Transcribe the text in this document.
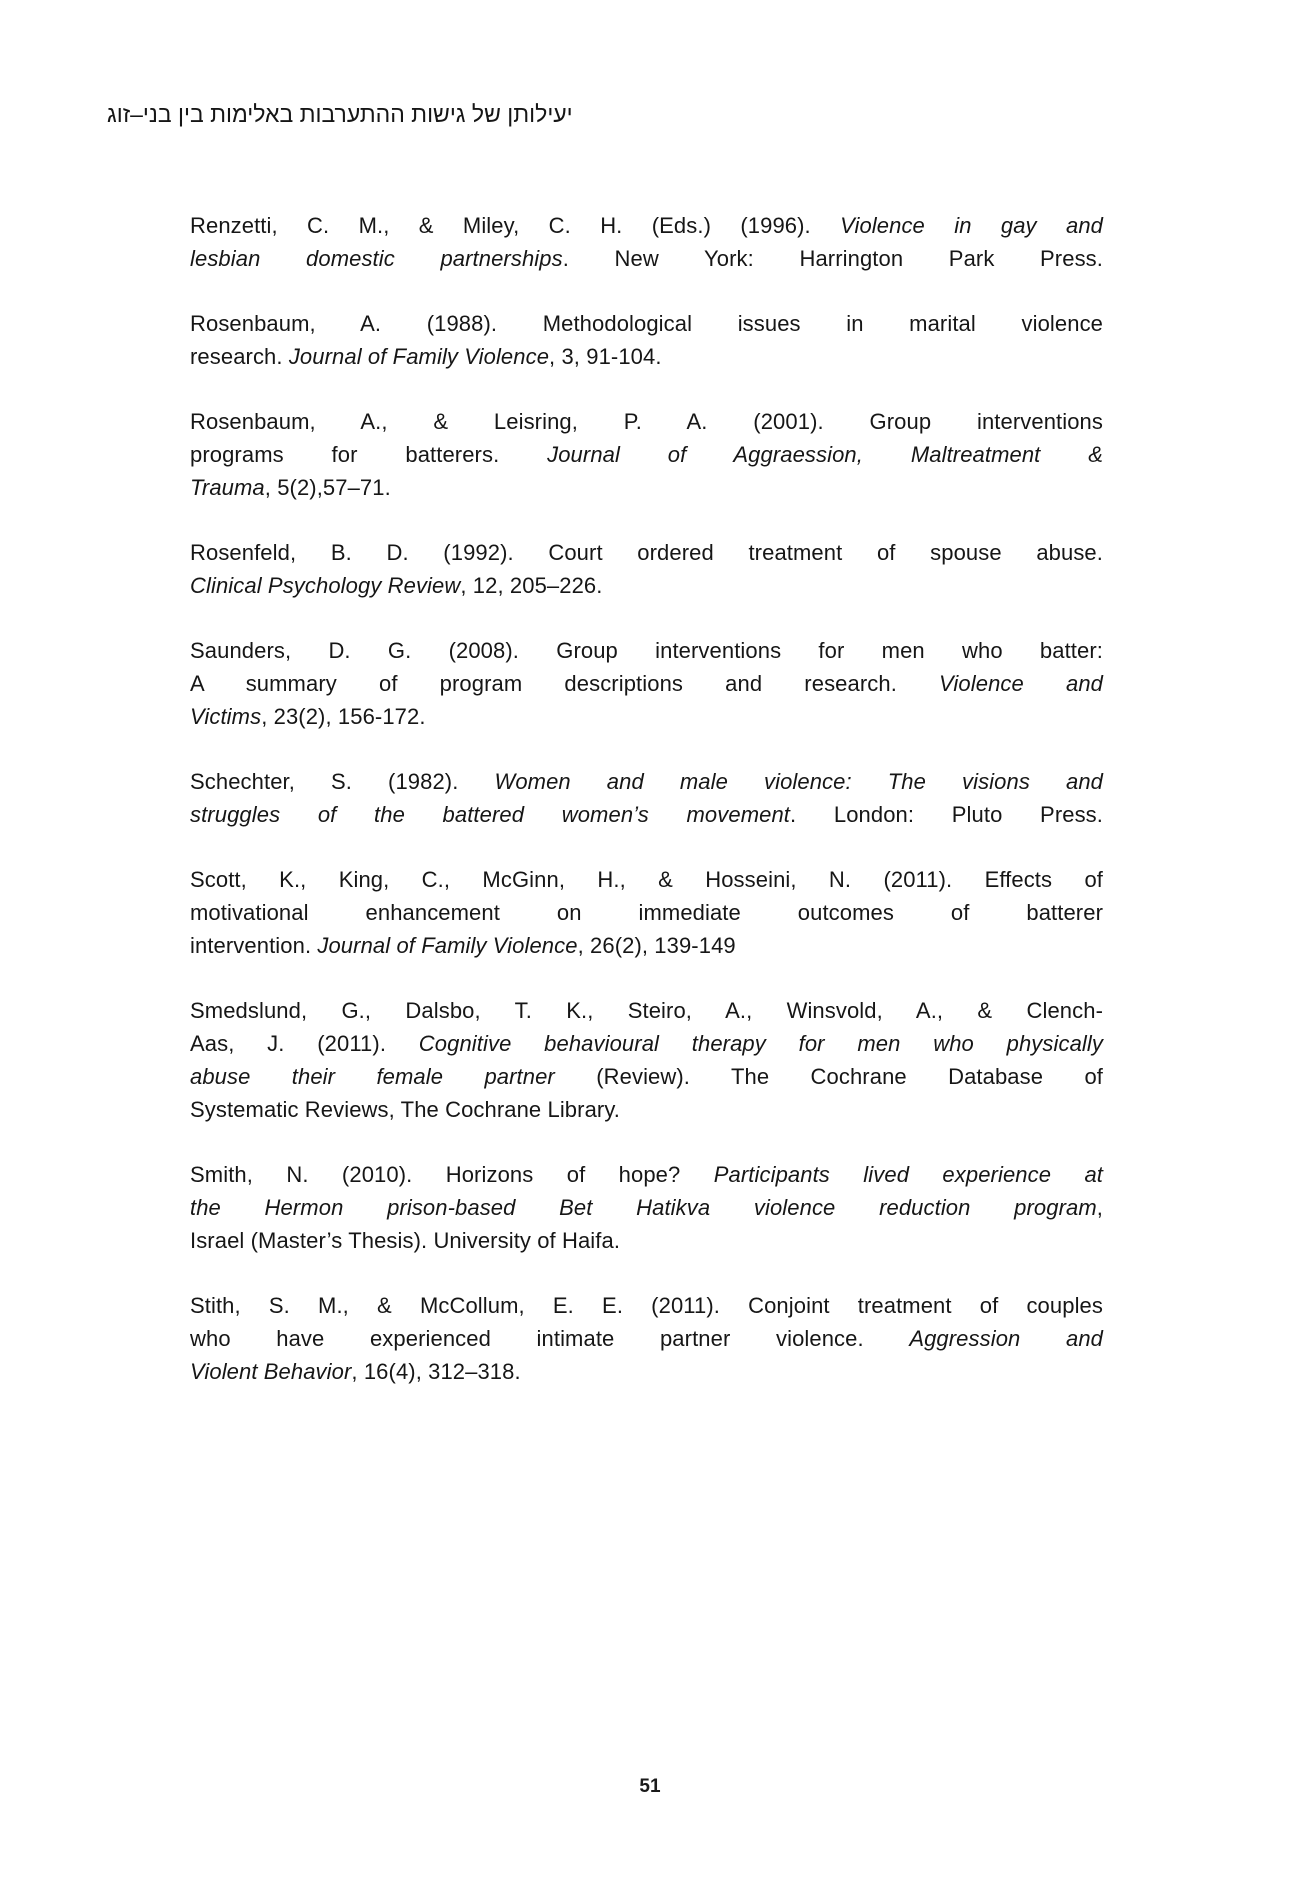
יעילותן של גישות ההתערבות באלימות בין בני–זוג

Renzetti, C. M., & Miley, C. H. (Eds.) (1996). Violence in gay and
lesbian domestic partnerships. New York: Harrington Park Press.

Rosenbaum, A. (1988). Methodological issues in marital violence
research. Journal of Family Violence, 3, 91-104.

Rosenbaum, A., & Leisring, P. A. (2001). Group interventions
programs for batterers. Journal of Aggraession, Maltreatment &
Trauma, 5(2),57–71.

Rosenfeld, B. D. (1992). Court ordered treatment of spouse abuse.
Clinical Psychology Review, 12, 205–226.

Saunders, D. G. (2008). Group interventions for men who batter:
A summary of program descriptions and research. Violence and
Victims, 23(2), 156-172.

Schechter, S. (1982). Women and male violence: The visions and
struggles of the battered women’s movement. London: Pluto Press.

Scott, K., King, C., McGinn, H., & Hosseini, N. (2011). Effects of
motivational enhancement on immediate outcomes of batterer
intervention. Journal of Family Violence, 26(2), 139-149

Smedslund, G., Dalsbo, T. K., Steiro, A., Winsvold, A., & Clench-
Aas, J. (2011). Cognitive behavioural therapy for men who physically
abuse their female partner (Review). The Cochrane Database of
Systematic Reviews, The Cochrane Library.

Smith, N. (2010). Horizons of hope? Participants lived experience at
the Hermon prison-based Bet Hatikva violence reduction program,
Israel (Master’s Thesis). University of Haifa.

Stith, S. M., & McCollum, E. E. (2011). Conjoint treatment of couples
who have experienced intimate partner violence. Aggression and
Violent Behavior, 16(4), 312–318.

51
